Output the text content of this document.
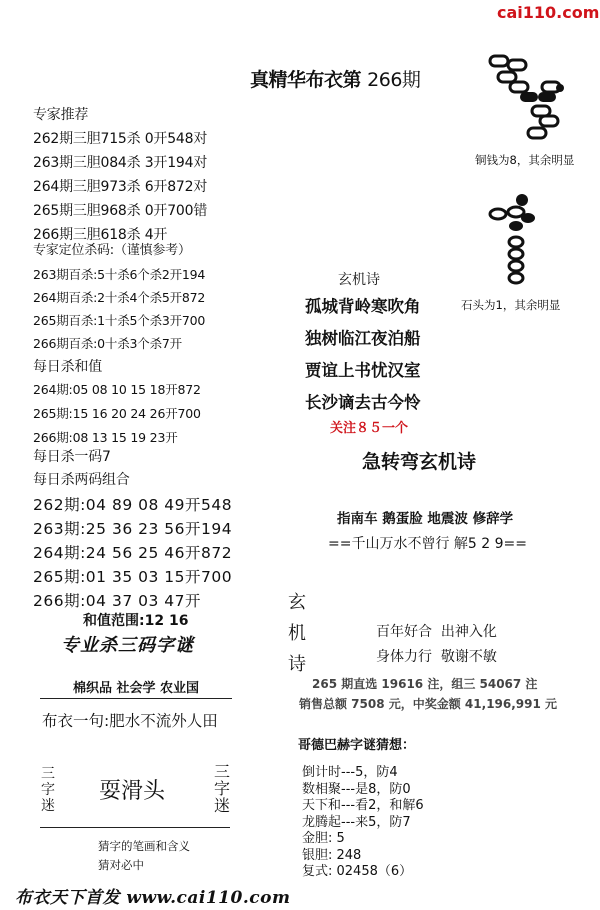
cai110.com
真精华布衣第 266期
铜钱为8，其余明显
石头为1，其余明显
专家推荐
262期三胆715杀 0开548对
263期三胆084杀 3开194对
264期三胆973杀 6开872对
265期三胆968杀 0开700错
266期三胆618杀 4开
专家定位杀码:（谨慎参考）
263期百杀:5十杀6个杀2开194
264期百杀:2十杀4个杀5开872
265期百杀:1十杀5个杀3开700
266期百杀:0十杀3个杀7开
每日杀和值
264期:05 08 10 15 18开872
265期:15 16 20 24 26开700
266期:08 13 15 19 23开
每日杀一码7
每日杀两码组合
262期:04 89 08 49开548
263期:25 36 23 56开194
264期:24 56 25 46开872
265期:01 35 03 15开700
266期:04 37 03 47开
和值范围:12 16
专业杀三码字谜
棉织品 社会学 农业国
布衣一句:肥水不流外人田
三
字
迷
耍滑头
三
字
迷
猜字的笔画和含义
猜对必中
玄机诗
孤城背岭寒吹角
独树临江夜泊船
贾谊上书忧汉室
长沙谪去古今怜
关注８５一个
急转弯玄机诗
指南车 鹅蛋脸 地震波 修辞学
==千山万水不曾行 解5 2 9==
玄
机
诗
百年好合  出神入化
身体力行  敬谢不敏
265 期直选 19616 注，组三 54067 注
销售总额 7508 元，中奖金额 41,196,991 元
哥德巴赫字谜猜想：
倒计时---5，防4
数相聚---是8，防0
天下和---看2，和解6
龙腾起---来5，防7
金胆: 5
银胆: 248
复式: 02458（6）
布衣天下首发 www.cai110.com
